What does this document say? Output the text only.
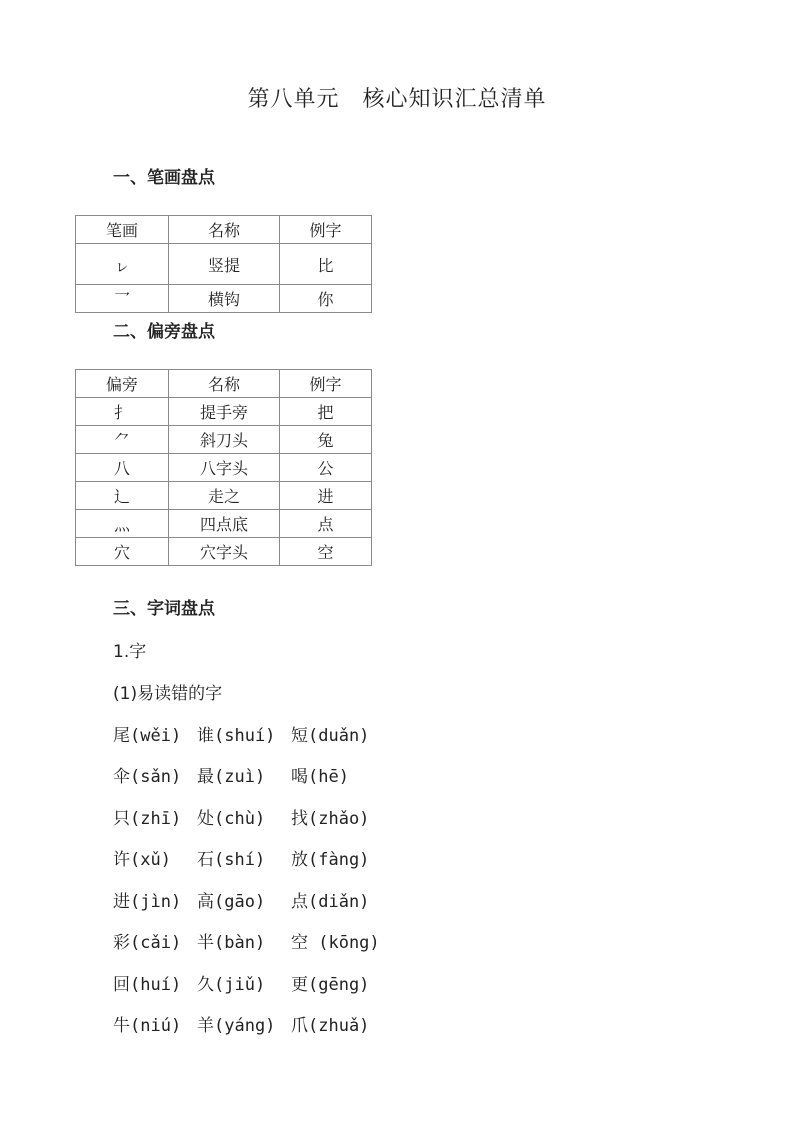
第八单元　核心知识汇总清单
一、笔画盘点
笔画	名称	例字
ㇾ	竖提	比
乛	横钩	你
二、偏旁盘点
偏旁	名称	例字
扌	提手旁	把
⺈	斜刀头	兔
八	八字头	公
辶	走之	进
灬	四点底	点
穴	穴字头	空
三、字词盘点
1.字
(1)易读错的字
尾(wěi) 谁(shuí) 短(duǎn)
伞(sǎn) 最(zuì)	喝(hē)
只(zhī) 处(chù)	找(zhǎo)
许(xǔ)	石(shí)	放(fàng)
进(jìn) 高(gāo)	点(diǎn)
彩(cǎi) 半(bàn)	空 (kōng)
回(huí) 久(jiǔ)	更(gēng)
牛(niú) 羊(yáng) 爪(zhuǎ)
